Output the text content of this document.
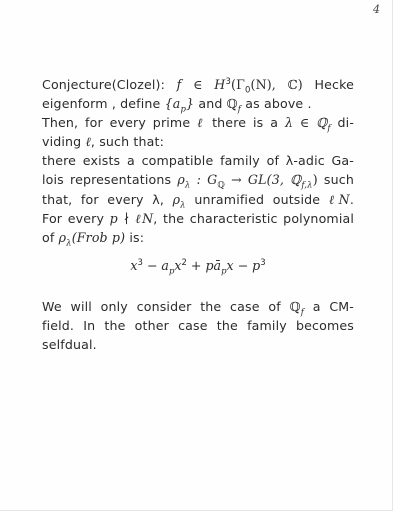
4
Conjecture(Clozel): f ∈ $H^3(\Gamma_0(N)$, ℂ) Hecke
eigenform , define $\{a_p\}$ and ℚ$_f$ as above .
Then, for every prime ℓ there is a λ ∈ ℚ$_f$ di-
viding ℓ, such that:
there exists a compatible family of λ-adic Ga-
lois representations $\rho_\lambda$ : $G_ℚ \to GL(3$, ℚ$_{f,\lambda}$) such
that, for every λ, $\rho_\lambda$ unramified outside ℓN.
For every p ∤ ℓN, the characteristic polynomial
of $\rho_\lambda(Frob$ p) is:
$x^3 - a_px^2$ + $pā_px - p^3$
We will only consider the case of ℚ$_f$ a CM-
field. In the other case the family becomes
selfdual.
